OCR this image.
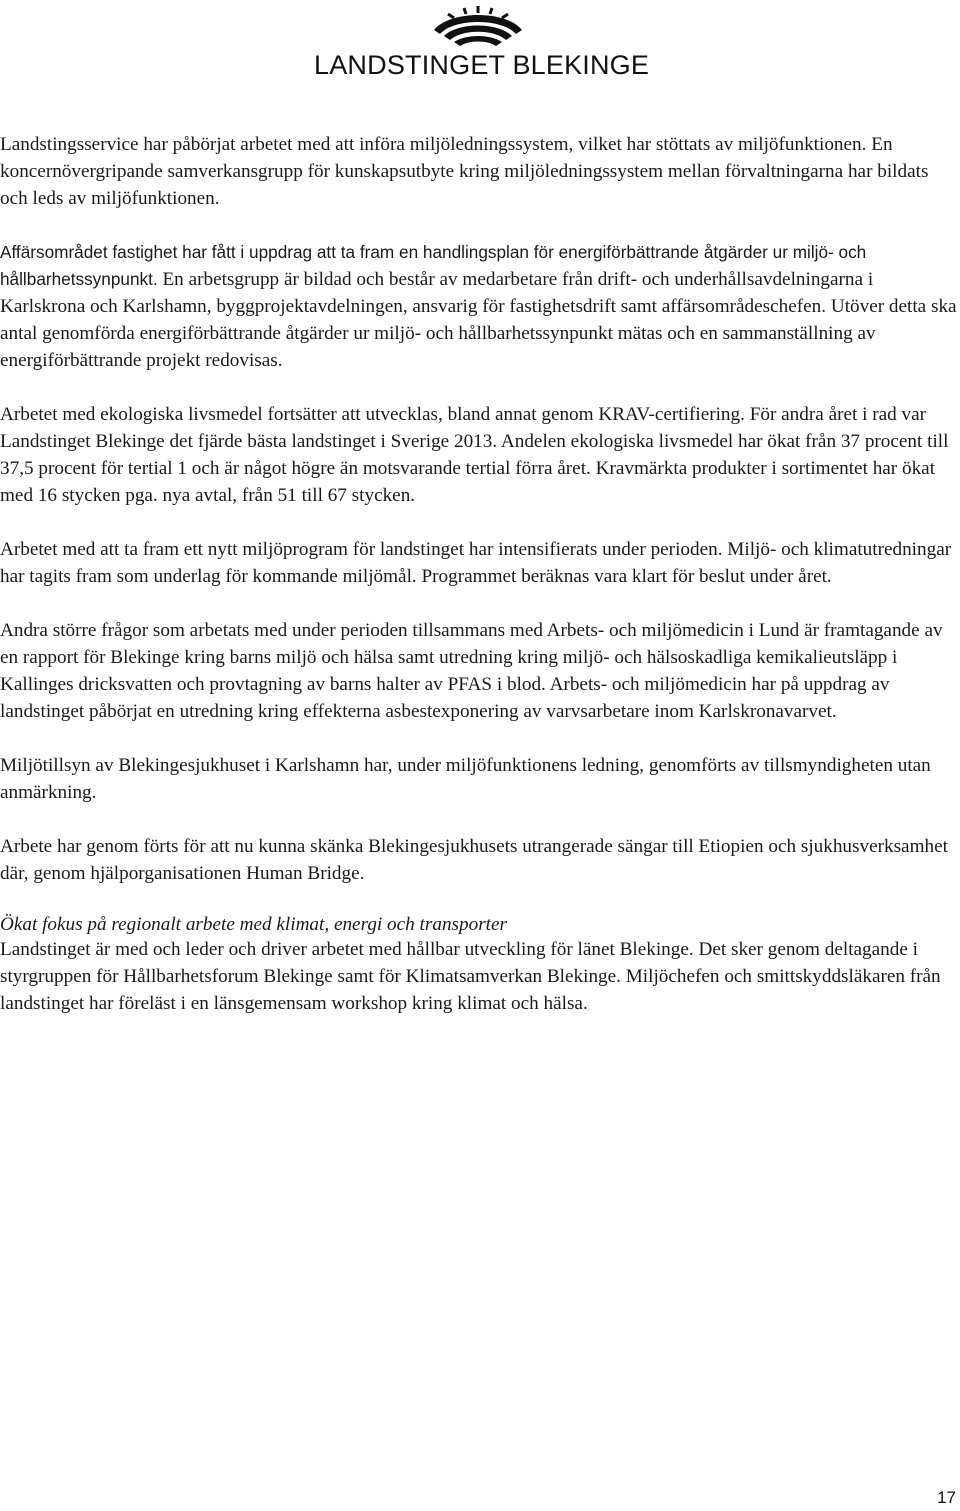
LANDSTINGET BLEKINGE

Landstingsservice har påbörjat arbetet med att införa miljöledningssystem, vilket har stöttats av miljöfunktionen. En koncernövergripande samverkansgrupp för kunskapsutbyte kring miljöledningssystem mellan förvaltningarna har bildats och leds av miljöfunktionen.

Affärsområdet fastighet har fått i uppdrag att ta fram en handlingsplan för energiförbättrande åtgärder ur miljö- och hållbarhetssynpunkt. En arbetsgrupp är bildad och består av medarbetare från drift- och underhållsavdelningarna i Karlskrona och Karlshamn, byggprojektavdelningen, ansvarig för fastighetsdrift samt affärsområdeschefen. Utöver detta ska antal genomförda energiförbättrande åtgärder ur miljö- och hållbarhetssynpunkt mätas och en sammanställning av energiförbättrande projekt redovisas.

Arbetet med ekologiska livsmedel fortsätter att utvecklas, bland annat genom KRAV-certifiering. För andra året i rad var Landstinget Blekinge det fjärde bästa landstinget i Sverige 2013. Andelen ekologiska livsmedel har ökat från 37 procent till 37,5 procent för tertial 1 och är något högre än motsvarande tertial förra året. Kravmärkta produkter i sortimentet har ökat med 16 stycken pga. nya avtal, från 51 till 67 stycken.

Arbetet med att ta fram ett nytt miljöprogram för landstinget har intensifierats under perioden. Miljö- och klimatutredningar har tagits fram som underlag för kommande miljömål. Programmet beräknas vara klart för beslut under året.

Andra större frågor som arbetats med under perioden tillsammans med Arbets- och miljömedicin i Lund är framtagande av en rapport för Blekinge kring barns miljö och hälsa samt utredning kring miljö- och hälsoskadliga kemikalieutsläpp i Kallinges dricksvatten och provtagning av barns halter av PFAS i blod. Arbets- och miljömedicin har på uppdrag av landstinget påbörjat en utredning kring effekterna asbestexponering av varvsarbetare inom Karlskronavarvet.

Miljötillsyn av Blekingesjukhuset i Karlshamn har, under miljöfunktionens ledning, genomförts av tillsmyndigheten utan anmärkning.

Arbete har genom förts för att nu kunna skänka Blekingesjukhusets utrangerade sängar till Etiopien och sjukhusverksamhet där, genom hjälporganisationen Human Bridge.

Ökat fokus på regionalt arbete med klimat, energi och transporter

Landstinget är med och leder och driver arbetet med hållbar utveckling för länet Blekinge. Det sker genom deltagande i styrgruppen för Hållbarhetsforum Blekinge samt för Klimatsamverkan Blekinge. Miljöchefen och smittskyddsläkaren från landstinget har föreläst i en länsgemensam workshop kring klimat och hälsa.

17
